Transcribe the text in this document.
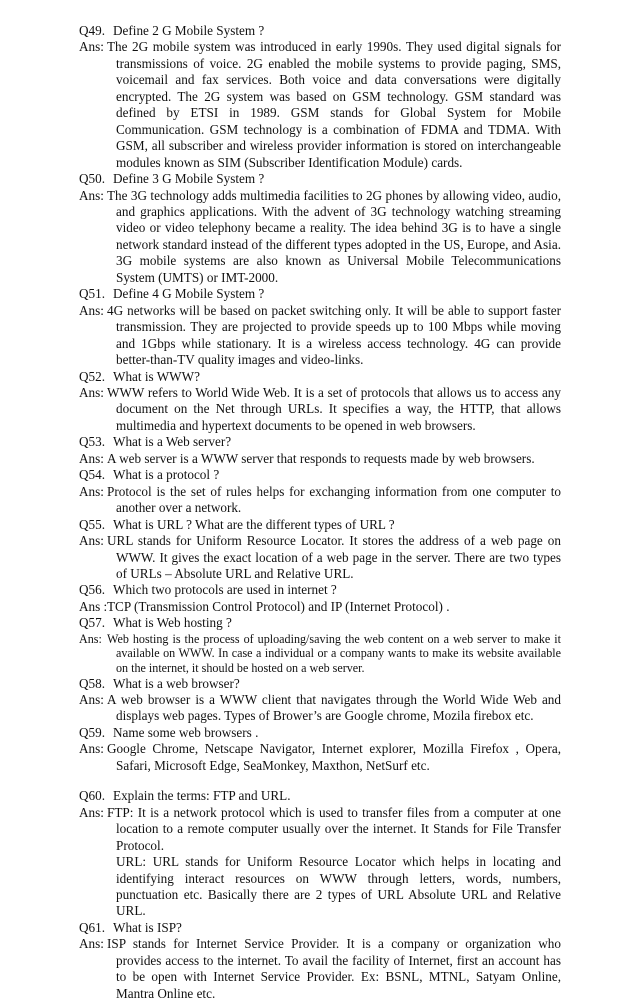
Q49. Define 2 G Mobile System ?
Ans: The 2G mobile system was introduced in early 1990s. They used digital signals for transmissions of voice. 2G enabled the mobile systems to provide paging, SMS, voicemail and fax services. Both voice and data conversations were digitally encrypted. The 2G system was based on GSM technology. GSM standard was defined by ETSI in 1989. GSM stands for Global System for Mobile Communication. GSM technology is a combination of FDMA and TDMA. With GSM, all subscriber and wireless provider information is stored on interchangeable modules known as SIM (Subscriber Identification Module) cards.
Q50. Define 3 G Mobile System ?
Ans: The 3G technology adds multimedia facilities to 2G phones by allowing video, audio, and graphics applications. With the advent of 3G technology watching streaming video or video telephony became a reality. The idea behind 3G is to have a single network standard instead of the different types adopted in the US, Europe, and Asia. 3G mobile systems are also known as Universal Mobile Telecommunications System (UMTS) or IMT-2000.
Q51. Define 4 G Mobile System ?
Ans: 4G networks will be based on packet switching only. It will be able to support faster transmission. They are projected to provide speeds up to 100 Mbps while moving and 1Gbps while stationary. It is a wireless access technology. 4G can provide better-than-TV quality images and video-links.
Q52. What is WWW?
Ans: WWW refers to World Wide Web. It is a set of protocols that allows us to access any document on the Net through URLs. It specifies a way, the HTTP, that allows multimedia and hypertext documents to be opened in web browsers.
Q53. What is a Web server?
Ans: A web server is a WWW server that responds to requests made by web browsers.
Q54. What is a protocol ?
Ans: Protocol is the set of rules helps for exchanging information from one computer to another over a network.
Q55. What is URL ? What are the different types of URL ?
Ans: URL stands for Uniform Resource Locator. It stores the address of a web page on WWW. It gives the exact location of a web page in the server. There are two types of URLs – Absolute URL and Relative URL.
Q56. Which two protocols are used in internet ?
Ans : TCP (Transmission Control Protocol) and IP (Internet Protocol) .
Q57. What is Web hosting ?
Ans: Web hosting is the process of uploading/saving the web content on a web server to make it available on WWW. In case a individual or a company wants to make its website available on the internet, it should be hosted on a web server.
Q58. What is a web browser?
Ans: A web browser is a WWW client that navigates through the World Wide Web and displays web pages. Types of Brower’s are Google chrome, Mozila firebox etc.
Q59. Name some web browsers .
Ans: Google Chrome, Netscape Navigator, Internet explorer, Mozilla Firefox , Opera, Safari, Microsoft Edge, SeaMonkey, Maxthon, NetSurf etc.
Q60. Explain the terms: FTP and URL.
Ans: FTP: It is a network protocol which is used to transfer files from a computer at one location to a remote computer usually over the internet. It Stands for File Transfer Protocol.
URL: URL stands for Uniform Resource Locator which helps in locating and identifying interact resources on WWW through letters, words, numbers, punctuation etc. Basically there are 2 types of URL Absolute URL and Relative URL.
Q61. What is ISP?
Ans: ISP stands for Internet Service Provider. It is a company or organization who provides access to the internet. To avail the facility of Internet, first an account has to be open with Internet Service Provider. Ex: BSNL, MTNL, Satyam Online, Mantra Online etc.
